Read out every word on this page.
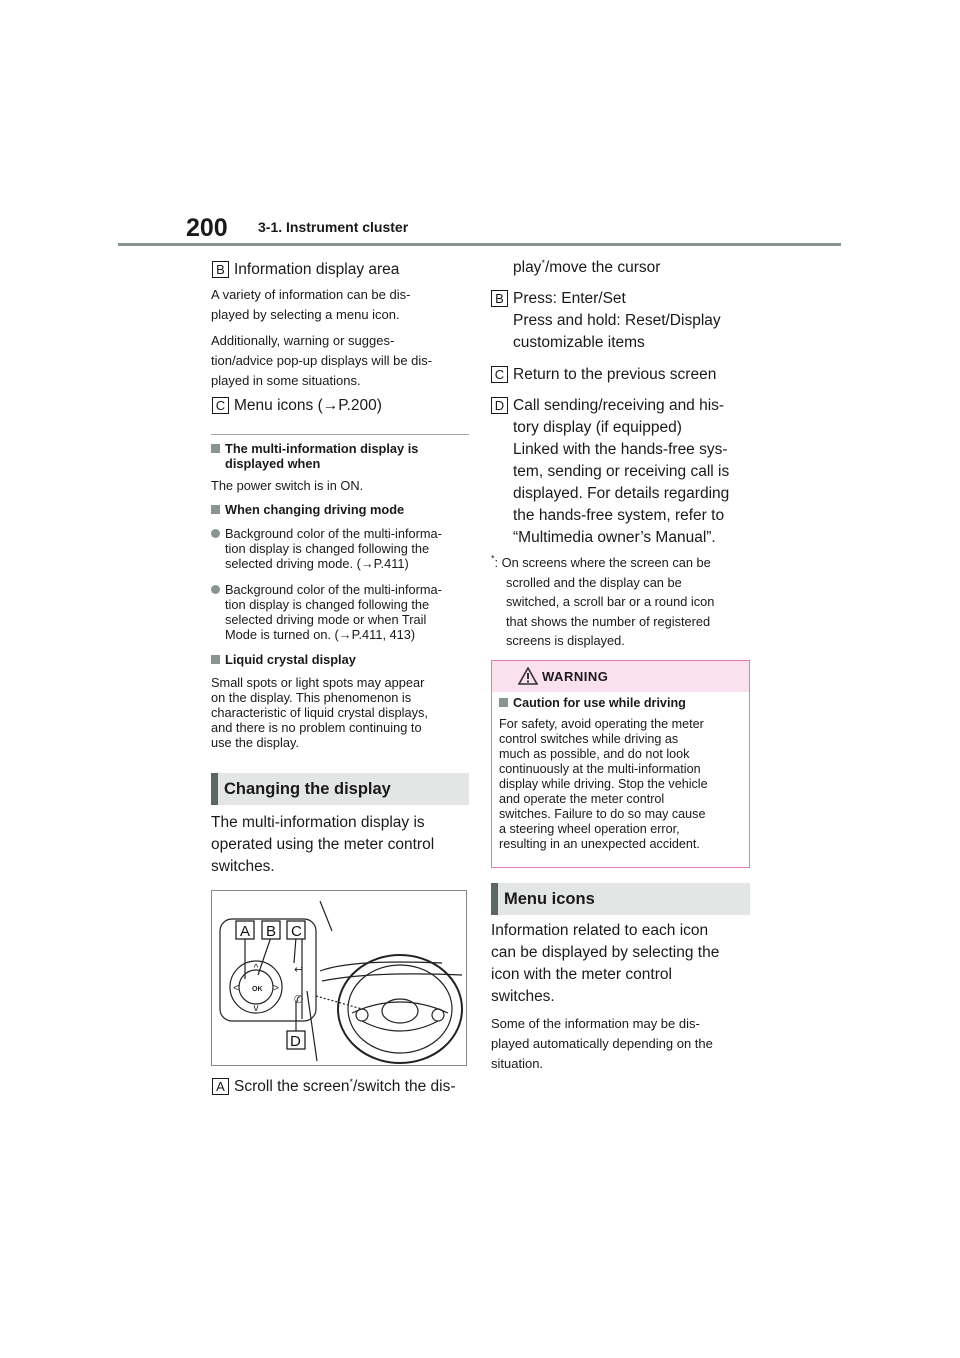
200 3-1. Instrument cluster
B Information display area
A variety of information can be dis-
played by selecting a menu icon.
Additionally, warning or sugges-
tion/advice pop-up displays will be dis-
played in some situations.
C Menu icons (→P.200)
The multi-information display is
displayed when
The power switch is in ON.
When changing driving mode
Background color of the multi-informa-
tion display is changed following the
selected driving mode. (→P.411)
Background color of the multi-informa-
tion display is changed following the
selected driving mode or when Trail
Mode is turned on. (→P.411, 413)
Liquid crystal display
Small spots or light spots may appear
on the display. This phenomenon is
characteristic of liquid crystal displays,
and there is no problem continuing to
use the display.
Changing the display
The multi-information display is
operated using the meter control
switches.
OK
^
v
<	>
↩
✆
A B C
D
A Scroll the screen*/switch the dis-
play*/move the cursor
B Press: Enter/Set
Press and hold: Reset/Display
customizable items
C Return to the previous screen
D Call sending/receiving and his-
tory display (if equipped)
Linked with the hands-free sys-
tem, sending or receiving call is
displayed. For details regarding
the hands-free system, refer to
“Multimedia owner’s Manual”.
*: On screens where the screen can be
scrolled and the display can be
switched, a scroll bar or a round icon
that shows the number of registered
screens is displayed.
WARNING
Caution for use while driving
For safety, avoid operating the meter
control switches while driving as
much as possible, and do not look
continuously at the multi-information
display while driving. Stop the vehicle
and operate the meter control
switches. Failure to do so may cause
a steering wheel operation error,
resulting in an unexpected accident.
Menu icons
Information related to each icon
can be displayed by selecting the
icon with the meter control
switches.
Some of the information may be dis-
played automatically depending on the
situation.
